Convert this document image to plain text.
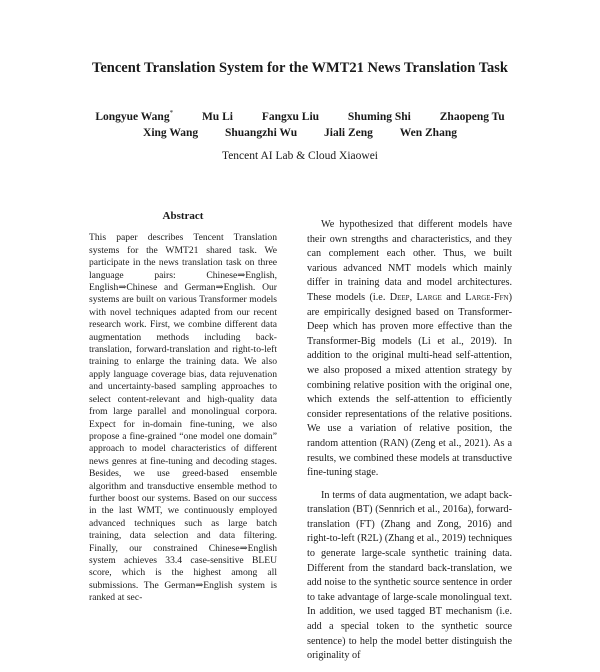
Tencent Translation System for the WMT21 News Translation Task
Longyue Wang*	Mu Li	Fangxu Liu	Shuming Shi	Zhaopeng Tu
Xing Wang Shuangzhi Wu Jiali Zeng Wen Zhang
Tencent AI Lab & Cloud Xiaowei
Abstract

This paper describes Tencent Translation systems for the WMT21 shared task. We participate in the news translation task on three language pairs: Chinese⇒English, English⇒Chinese and German⇒English. Our systems are built on various Transformer models with novel techniques adapted from our recent research work. First, we combine different data augmentation methods including back-translation, forward-translation and right-to-left training to enlarge the training data. We also apply language coverage bias, data rejuvenation and uncertainty-based sampling approaches to select content-relevant and high-quality data from large parallel and monolingual corpora. Expect for in-domain fine-tuning, we also propose a fine-grained “one model one domain” approach to model characteristics of different news genres at fine-tuning and decoding stages. Besides, we use greed-based ensemble algorithm and transductive ensemble method to further boost our systems. Based on our success in the last WMT, we continuously employed advanced techniques such as large batch training, data selection and data filtering. Finally, our constrained Chinese⇒English system achieves 33.4 case-sensitive BLEU score, which is the highest among all submissions. The German⇒English system is ranked at sec-

We hypothesized that different models have their own strengths and characteristics, and they can complement each other. Thus, we built various advanced NMT models which mainly differ in training data and model architectures. These models (i.e. Deep, Large and Large-Ffn) are empirically designed based on Transformer-Deep which has proven more effective than the Transformer-Big models (Li et al., 2019). In addition to the original multi-head self-attention, we also proposed a mixed attention strategy by combining relative position with the original one, which extends the self-attention to efficiently consider representations of the relative positions. We use a variation of relative position, the random attention (RAN) (Zeng et al., 2021). As a results, we combined these models at transductive fine-tuning stage.

In terms of data augmentation, we adapt back-translation (BT) (Sennrich et al., 2016a), forward-translation (FT) (Zhang and Zong, 2016) and right-to-left (R2L) (Zhang et al., 2019) techniques to generate large-scale synthetic training data. Different from the standard back-translation, we add noise to the synthetic source sentence in order to take advantage of large-scale monolingual text. In addition, we used tagged BT mechanism (i.e. add a special token to the synthetic source sentence) to help the model better distinguish the originality of
